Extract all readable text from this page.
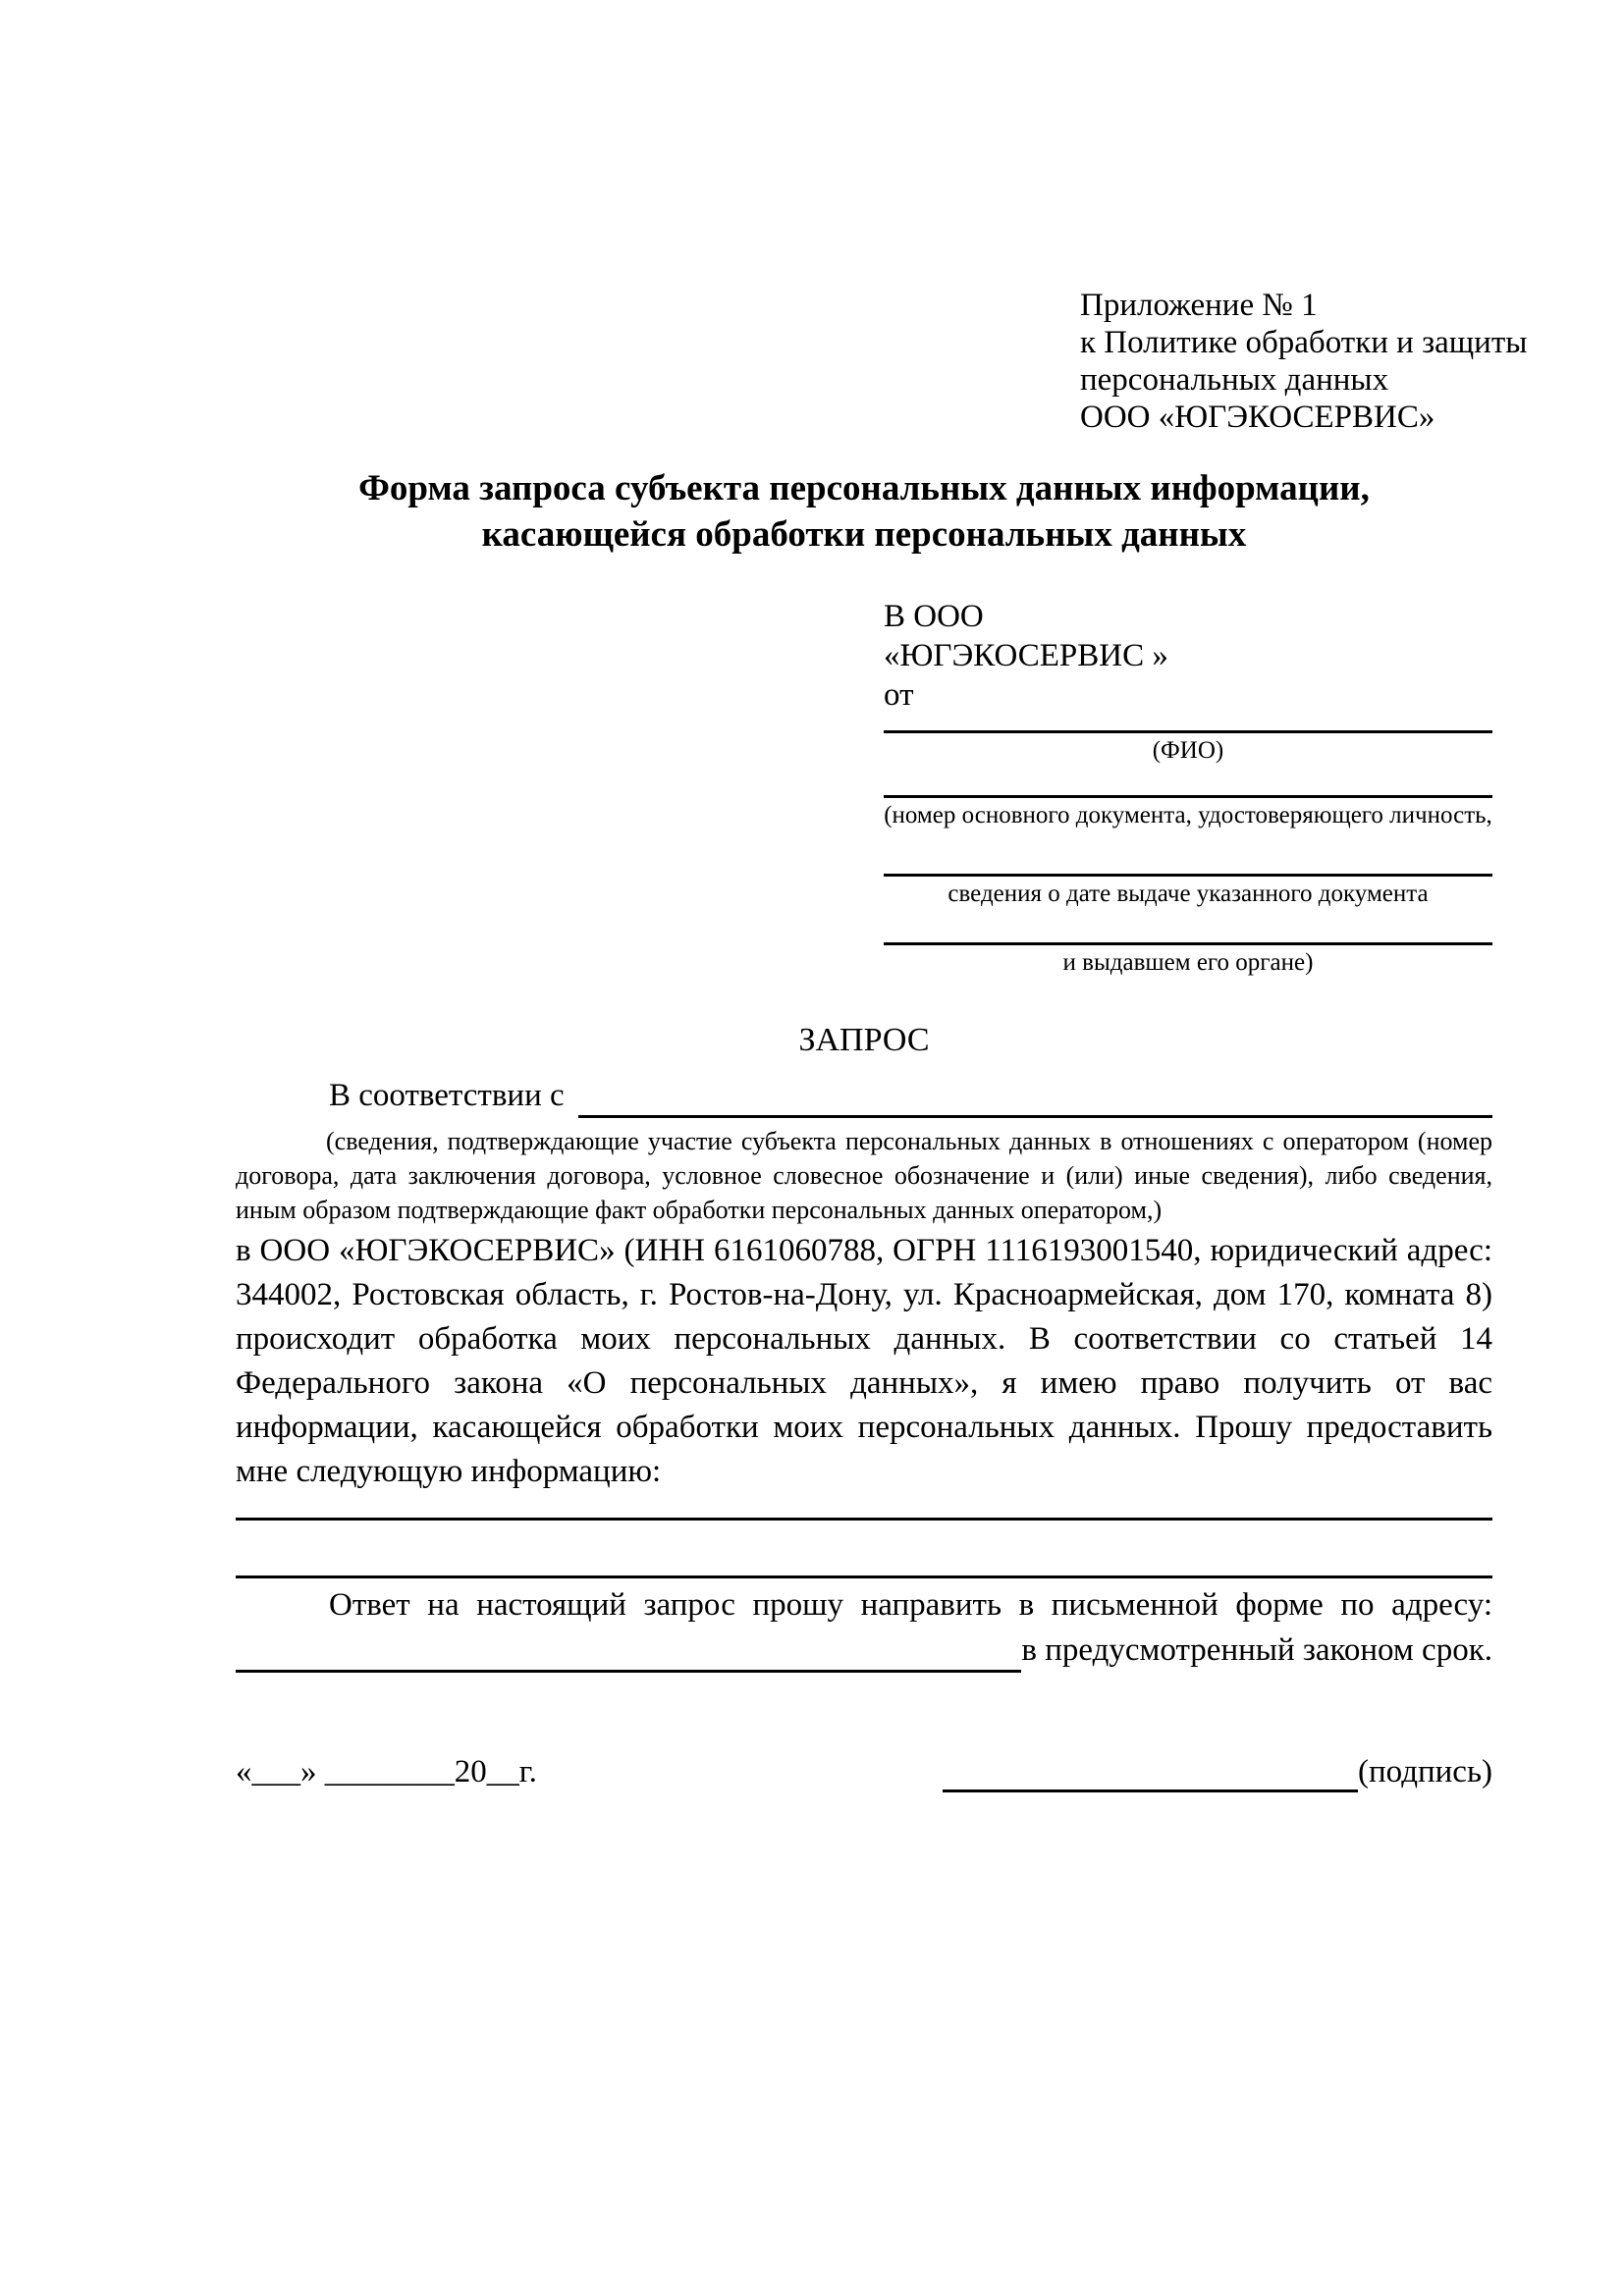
Приложение № 1
к Политике обработки и защиты
персональных данных
ООО «ЮГЭКОСЕРВИС»
Форма запроса субъекта персональных данных информации,
касающейся обработки персональных данных
В ООО
«ЮГЭКОСЕРВИС »
от
(ФИО)
(номер основного документа, удостоверяющего личность,
сведения о дате выдаче указанного документа
и выдавшем его органе)
ЗАПРОС
В соответствии с

(сведения, подтверждающие участие субъекта персональных данных в отношениях с оператором (номер договора, дата заключения договора, условное словесное обозначение и (или) иные сведения), либо сведения, иным образом подтверждающие факт обработки персональных данных оператором,)

в ООО «ЮГЭКОСЕРВИС» (ИНН 6161060788, ОГРН 1116193001540, юридический адрес: 344002, Ростовская область, г. Ростов-на-Дону, ул. Красноармейская, дом 170, комната 8) происходит обработка моих персональных данных. В соответствии со статьей 14 Федерального закона «О персональных данных», я имею право получить от вас информации, касающейся обработки моих персональных данных. Прошу предоставить мне следующую информацию:

Ответ на настоящий запрос прошу направить в письменной форме по адресу:

в предусмотренный законом срок.
«___» ________20__г.	(подпись)
